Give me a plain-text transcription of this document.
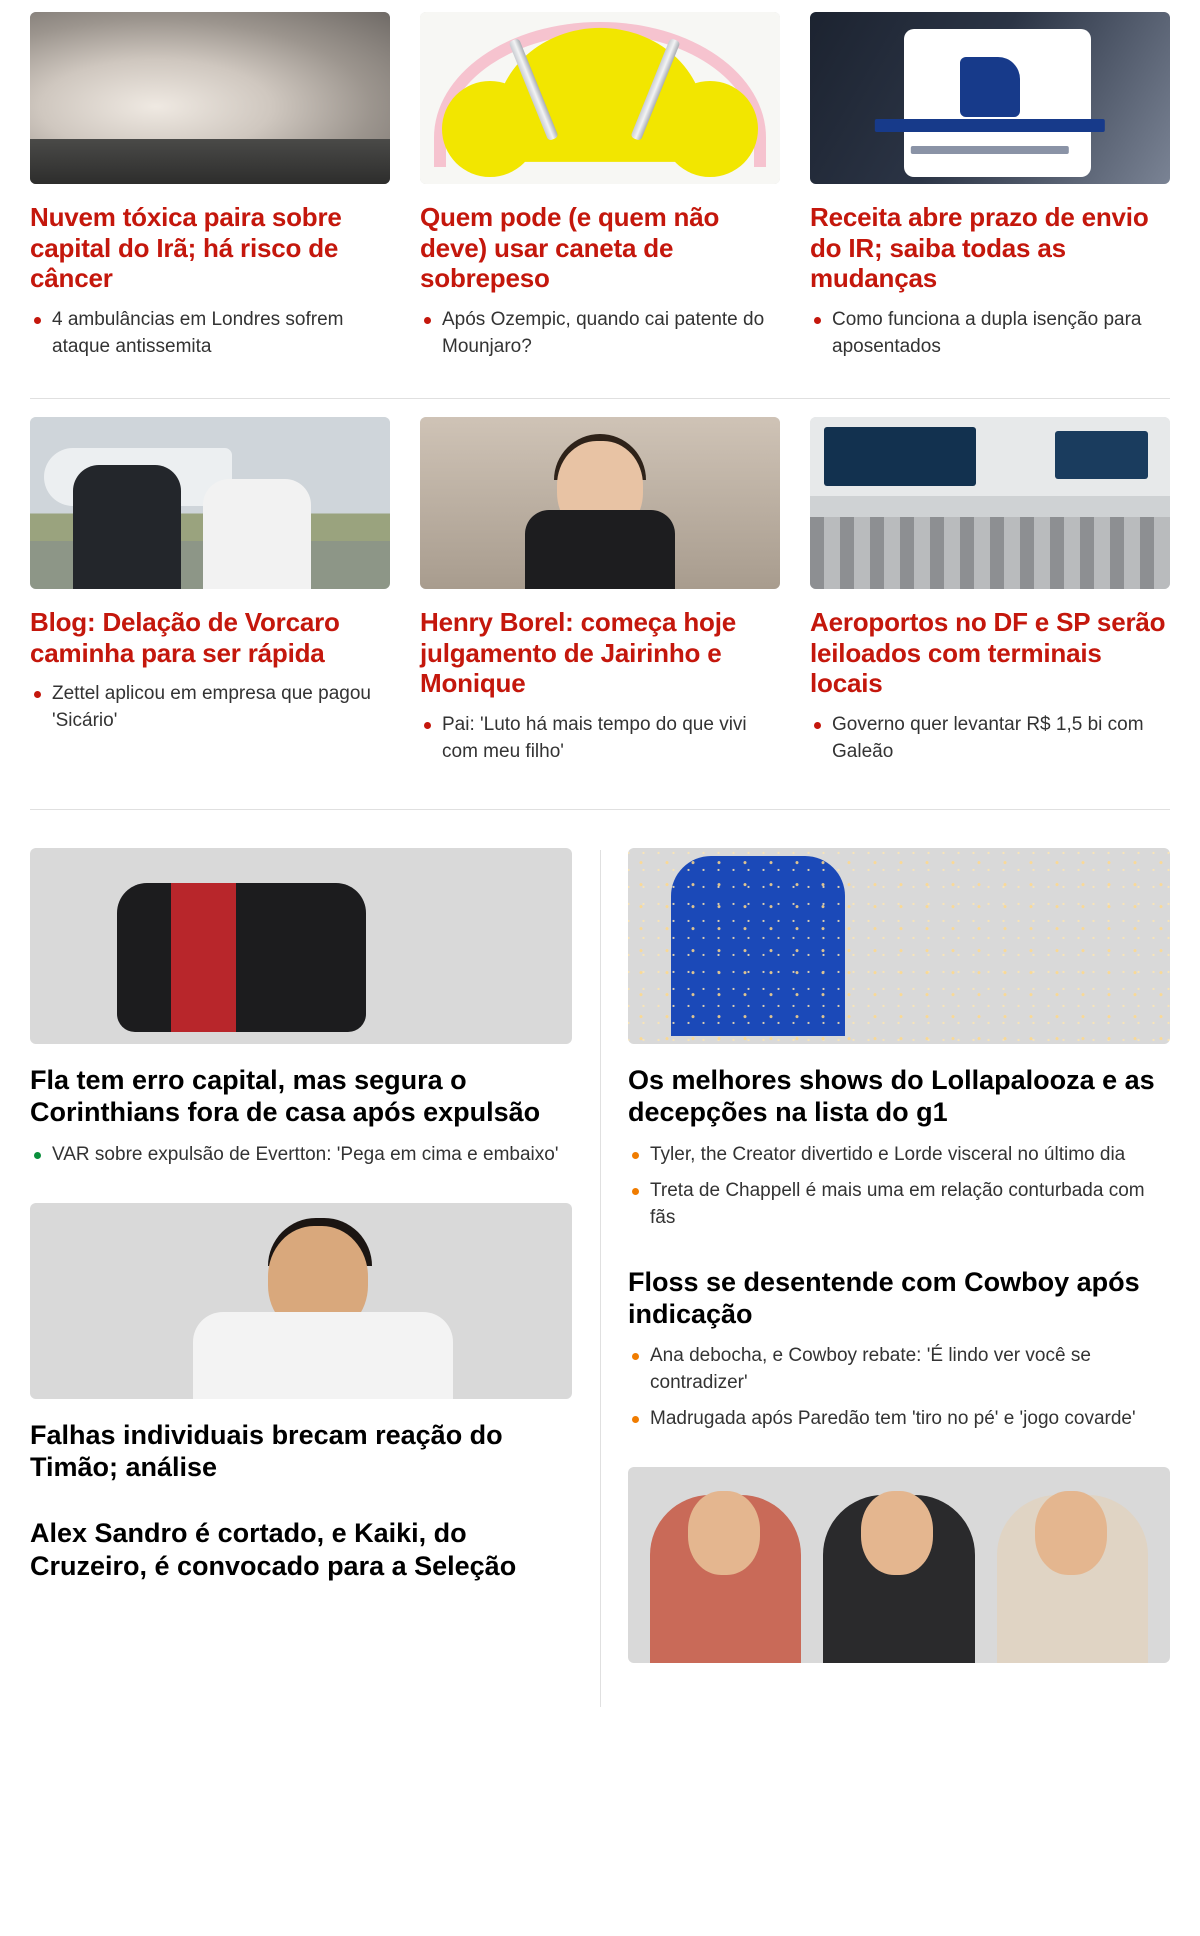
Nuvem tóxica paira sobre capital do Irã; há risco de câncer
4 ambulâncias em Londres sofrem ataque antissemita
Quem pode (e quem não deve) usar caneta de sobrepeso
Após Ozempic, quando cai patente do Mounjaro?
Receita abre prazo de envio do IR; saiba todas as mudanças
Como funciona a dupla isenção para aposentados
Blog: Delação de Vorcaro caminha para ser rápida
Zettel aplicou em empresa que pagou 'Sicário'
Henry Borel: começa hoje julgamento de Jairinho e Monique
Pai: 'Luto há mais tempo do que vivi com meu filho'
Aeroportos no DF e SP serão leiloados com terminais locais
Governo quer levantar R$ 1,5 bi com Galeão
Fla tem erro capital, mas segura o Corinthians fora de casa após expulsão
VAR sobre expulsão de Evertton: 'Pega em cima e embaixo'
Falhas individuais brecam reação do Timão; análise
Alex Sandro é cortado, e Kaiki, do Cruzeiro, é convocado para a Seleção
Os melhores shows do Lollapalooza e as decepções na lista do g1
Tyler, the Creator divertido e Lorde visceral no último dia
Treta de Chappell é mais uma em relação conturbada com fãs
Floss se desentende com Cowboy após indicação
Ana debocha, e Cowboy rebate: 'É lindo ver você se contradizer'
Madrugada após Paredão tem 'tiro no pé' e 'jogo covarde'
